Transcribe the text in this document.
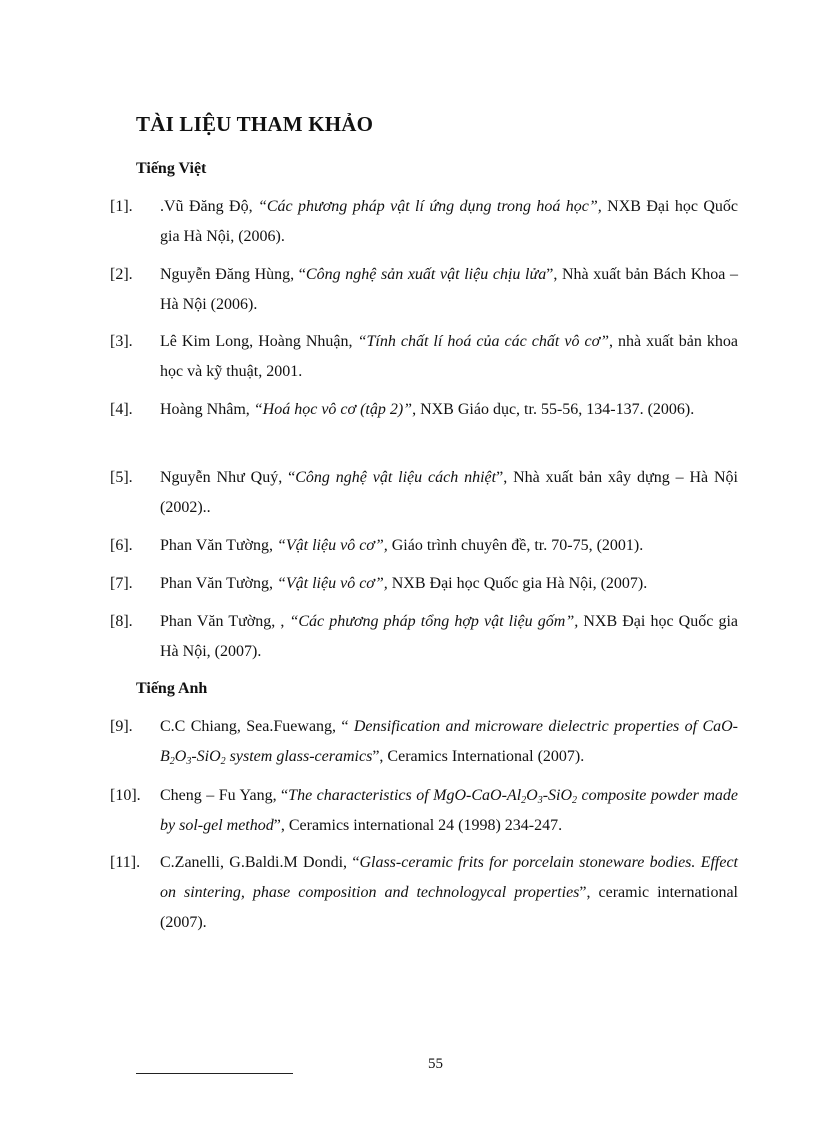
TÀI LIỆU THAM KHẢO
Tiếng Việt
[1].	.Vũ Đăng Độ, “Các phương pháp vật lí ứng dụng trong hoá học”, NXB Đại học Quốc gia Hà Nội, (2006).
[2].	Nguyễn Đăng Hùng, “Công nghệ sản xuất vật liệu chịu lửa”, Nhà xuất bản Bách Khoa – Hà Nội (2006).
[3].	Lê Kim Long, Hoàng Nhuận, “Tính chất lí hoá của các chất vô cơ”, nhà xuất bản khoa học và kỹ thuật, 2001.
[4].	Hoàng Nhâm, “Hoá học vô cơ (tập 2)”, NXB Giáo dục, tr. 55-56, 134-137. (2006).
[5].	Nguyễn Như Quý, “Công nghệ vật liệu cách nhiệt”, Nhà xuất bản xây dựng – Hà Nội (2002)..
[6].	Phan Văn Tường, “Vật liệu vô cơ”, Giáo trình chuyên đề, tr. 70-75, (2001).
[7].	Phan Văn Tường, “Vật liệu vô cơ”, NXB Đại học Quốc gia Hà Nội, (2007).
[8].	Phan Văn Tường, , “Các phương pháp tổng hợp vật liệu gốm”, NXB Đại học Quốc gia Hà Nội, (2007).
Tiếng Anh
[9].	C.C Chiang, Sea.Fuewang, “ Densification and microware dielectric properties of CaO-$B_2O_3-SiO_2$ system glass-ceramics”, Ceramics International (2007).
[10].	Cheng – Fu Yang, “The characteristics of MgO-$CaO-Al_2O_3-SiO_2$ composite powder made by sol-gel method”, Ceramics international 24 (1998) 234-247.
[11].	C.Zanelli, G.Baldi.M Dondi, “Glass-ceramic frits for porcelain stoneware bodies. Effect on sintering, phase composition and technologycal properties”, ceramic international (2007).
55
